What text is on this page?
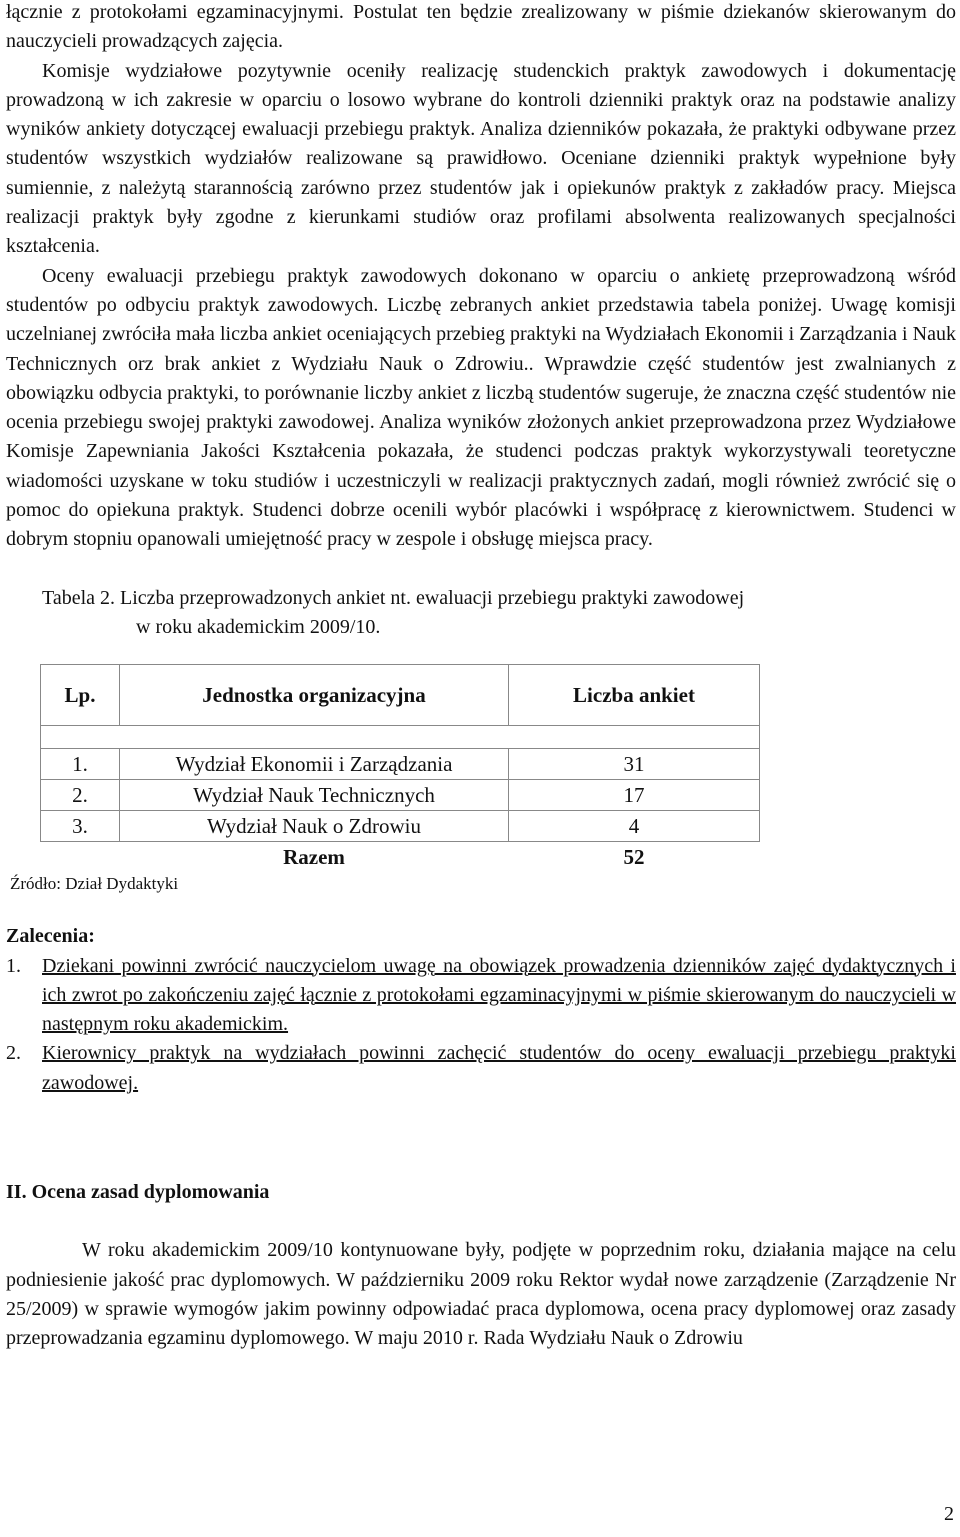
łącznie z protokołami egzaminacyjnymi. Postulat ten będzie zrealizowany w piśmie dziekanów skierowanym do nauczycieli prowadzących zajęcia.

Komisje wydziałowe pozytywnie oceniły realizację studenckich praktyk zawodowych i dokumentację prowadzoną w ich zakresie w oparciu o losowo wybrane do kontroli dzienniki praktyk oraz na podstawie analizy wyników ankiety dotyczącej ewaluacji przebiegu praktyk. Analiza dzienników pokazała, że praktyki odbywane przez studentów wszystkich wydziałów realizowane są prawidłowo. Oceniane dzienniki praktyk wypełnione były sumiennie, z należytą starannością zarówno przez studentów jak i opiekunów praktyk z zakładów pracy. Miejsca realizacji praktyk były zgodne z kierunkami studiów oraz profilami absolwenta realizowanych specjalności kształcenia.

Oceny ewaluacji przebiegu praktyk zawodowych dokonano w oparciu o ankietę przeprowadzoną wśród studentów po odbyciu praktyk zawodowych. Liczbę zebranych ankiet przedstawia tabela poniżej. Uwagę komisji uczelnianej zwróciła mała liczba ankiet oceniających przebieg praktyki na Wydziałach Ekonomii i Zarządzania i Nauk Technicznych orz brak ankiet z Wydziału Nauk o Zdrowiu.. Wprawdzie część studentów jest zwalnianych z obowiązku odbycia praktyki, to porównanie liczby ankiet z liczbą studentów sugeruje, że znaczna część studentów nie ocenia przebiegu swojej praktyki zawodowej. Analiza wyników złożonych ankiet przeprowadzona przez Wydziałowe Komisje Zapewniania Jakości Kształcenia pokazała, że studenci podczas praktyk wykorzystywali teoretyczne wiadomości uzyskane w toku studiów i uczestniczyli w realizacji praktycznych zadań, mogli również zwrócić się o pomoc do opiekuna praktyk. Studenci dobrze ocenili wybór placówki i współpracę z kierownictwem. Studenci w dobrym stopniu opanowali umiejętność pracy w zespole i obsługę miejsca pracy.

Tabela 2. Liczba przeprowadzonych ankiet nt. ewaluacji przebiegu praktyki zawodowej

w roku akademickim 2009/10.

Lp.	Jednostka organizacyjna	Liczba ankiet

1.	Wydział Ekonomii i Zarządzania	31
2.	Wydział Nauk Technicznych	17
3.	Wydział Nauk o Zdrowiu	4
	Razem	52

Źródło: Dział Dydaktyki

Zalecenia:

1.	Dziekani powinni zwrócić nauczycielom uwagę na obowiązek prowadzenia dzienników zajęć dydaktycznych i ich zwrot po zakończeniu zajęć łącznie z protokołami egzaminacyjnymi w piśmie skierowanym do nauczycieli w następnym roku akademickim.
2.	Kierownicy praktyk na wydziałach powinni zachęcić studentów do oceny ewaluacji przebiegu praktyki zawodowej.

II. Ocena zasad dyplomowania

W roku akademickim 2009/10 kontynuowane były, podjęte w poprzednim roku, działania mające na celu podniesienie jakość prac dyplomowych. W październiku 2009 roku Rektor wydał nowe zarządzenie (Zarządzenie Nr 25/2009) w sprawie wymogów jakim powinny odpowiadać praca dyplomowa, ocena pracy dyplomowej oraz zasady przeprowadzania egzaminu dyplomowego. W maju 2010 r. Rada Wydziału Nauk o Zdrowiu

2
